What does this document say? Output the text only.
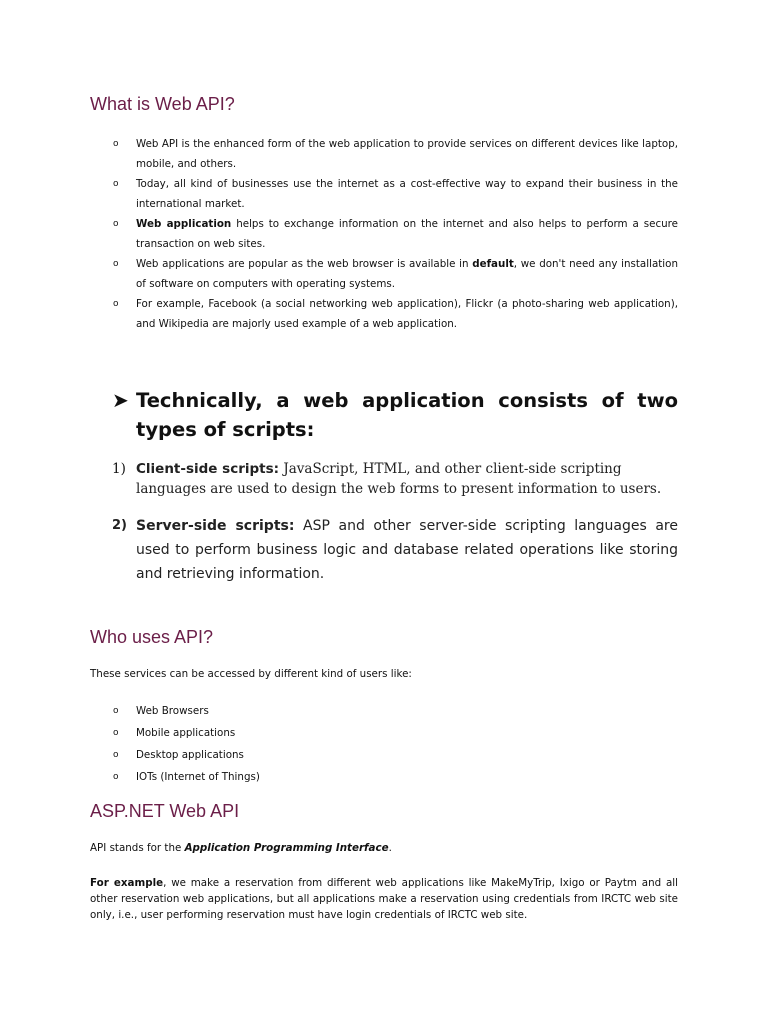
What is Web API?
o Web API is the enhanced form of the web application to provide services on different devices like laptop, mobile, and others.
o Today, all kind of businesses use the internet as a cost-effective way to expand their business in the international market.
o Web application helps to exchange information on the internet and also helps to perform a secure transaction on web sites.
o Web applications are popular as the web browser is available in default, we don't need any installation of software on computers with operating systems.
o For example, Facebook (a social networking web application), Flickr (a photo-sharing web application), and Wikipedia are majorly used example of a web application.
➤ Technically, a web application consists of two types of scripts:
1) Client-side scripts: JavaScript, HTML, and other client-side scripting languages are used to design the web forms to present information to users.
2) Server-side scripts: ASP and other server-side scripting languages are used to perform business logic and database related operations like storing and retrieving information.
Who uses API?

These services can be accessed by different kind of users like:

o Web Browsers
o Mobile applications
o Desktop applications
o IOTs (Internet of Things)
ASP.NET Web API

API stands for the Application Programming Interface.

For example, we make a reservation from different web applications like MakeMyTrip, Ixigo or Paytm and all other reservation web applications, but all applications make a reservation using credentials from IRCTC web site only, i.e., user performing reservation must have login credentials of IRCTC web site.
